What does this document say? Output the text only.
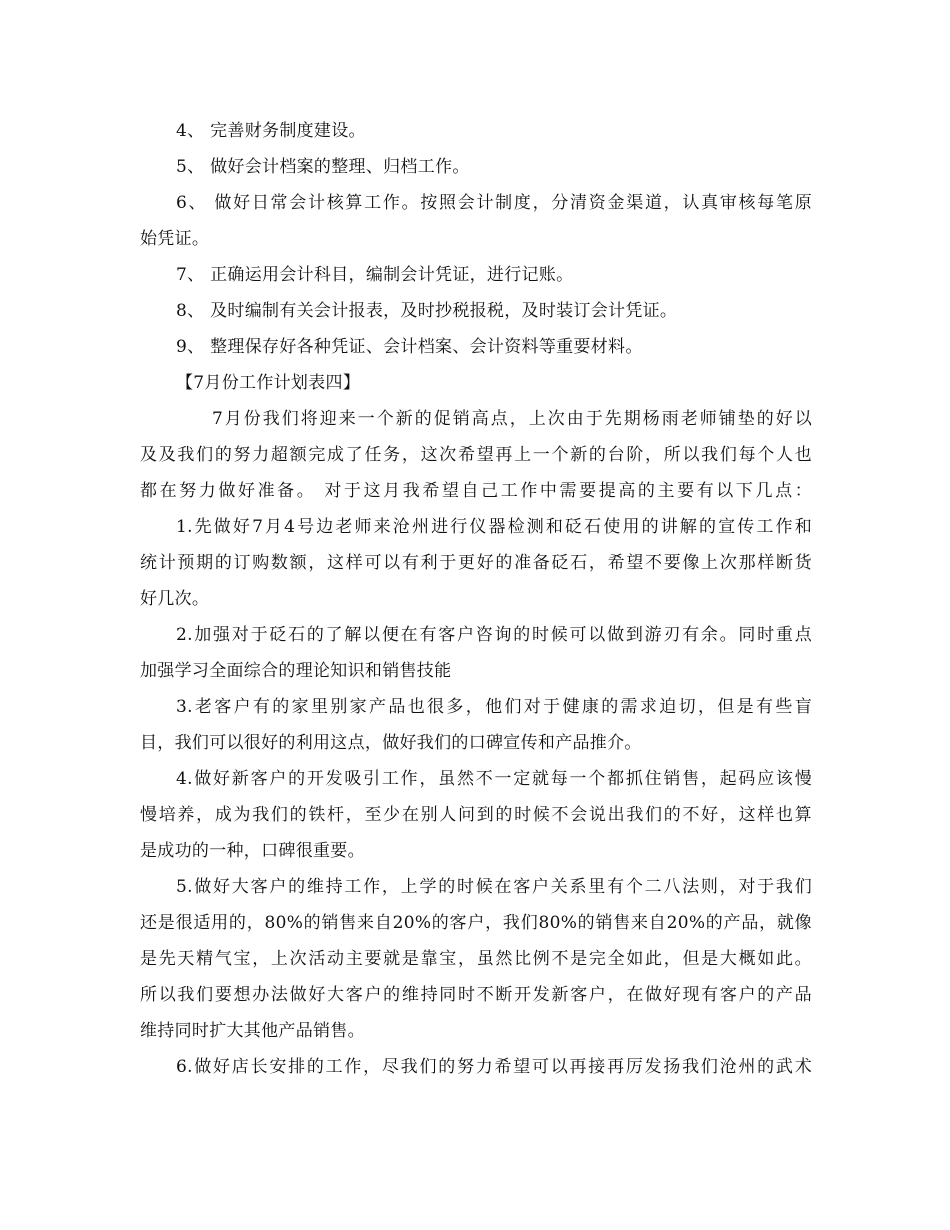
4、 完善财务制度建设。
5、 做好会计档案的整理、归档工作。
6、 做好日常会计核算工作。按照会计制度，分清资金渠道，认真审核每笔原
始凭证。
7、 正确运用会计科目，编制会计凭证，进行记账。
8、 及时编制有关会计报表，及时抄税报税，及时装订会计凭证。
9、 整理保存好各种凭证、会计档案、会计资料等重要材料。
【7月份工作计划表四】
7月份我们将迎来一个新的促销高点，上次由于先期杨雨老师铺垫的好以
及及我们的努力超额完成了任务，这次希望再上一个新的台阶，所以我们每个人也
都在努力做好准备。 对于这月我希望自己工作中需要提高的主要有以下几点：
1.先做好7月4号边老师来沧州进行仪器检测和砭石使用的讲解的宣传工作和
统计预期的订购数额，这样可以有利于更好的准备砭石，希望不要像上次那样断货
好几次。
2.加强对于砭石的了解以便在有客户咨询的时候可以做到游刃有余。同时重点
加强学习全面综合的理论知识和销售技能
3.老客户有的家里别家产品也很多，他们对于健康的需求迫切，但是有些盲
目，我们可以很好的利用这点，做好我们的口碑宣传和产品推介。
4.做好新客户的开发吸引工作，虽然不一定就每一个都抓住销售，起码应该慢
慢培养，成为我们的铁杆，至少在别人问到的时候不会说出我们的不好，这样也算
是成功的一种，口碑很重要。
5.做好大客户的维持工作，上学的时候在客户关系里有个二八法则，对于我们
还是很适用的，80%的销售来自20%的客户，我们80%的销售来自20%的产品，就像
是先天精气宝，上次活动主要就是靠宝，虽然比例不是完全如此，但是大概如此。
所以我们要想办法做好大客户的维持同时不断开发新客户，在做好现有客户的产品
维持同时扩大其他产品销售。
6.做好店长安排的工作，尽我们的努力希望可以再接再厉发扬我们沧州的武术
